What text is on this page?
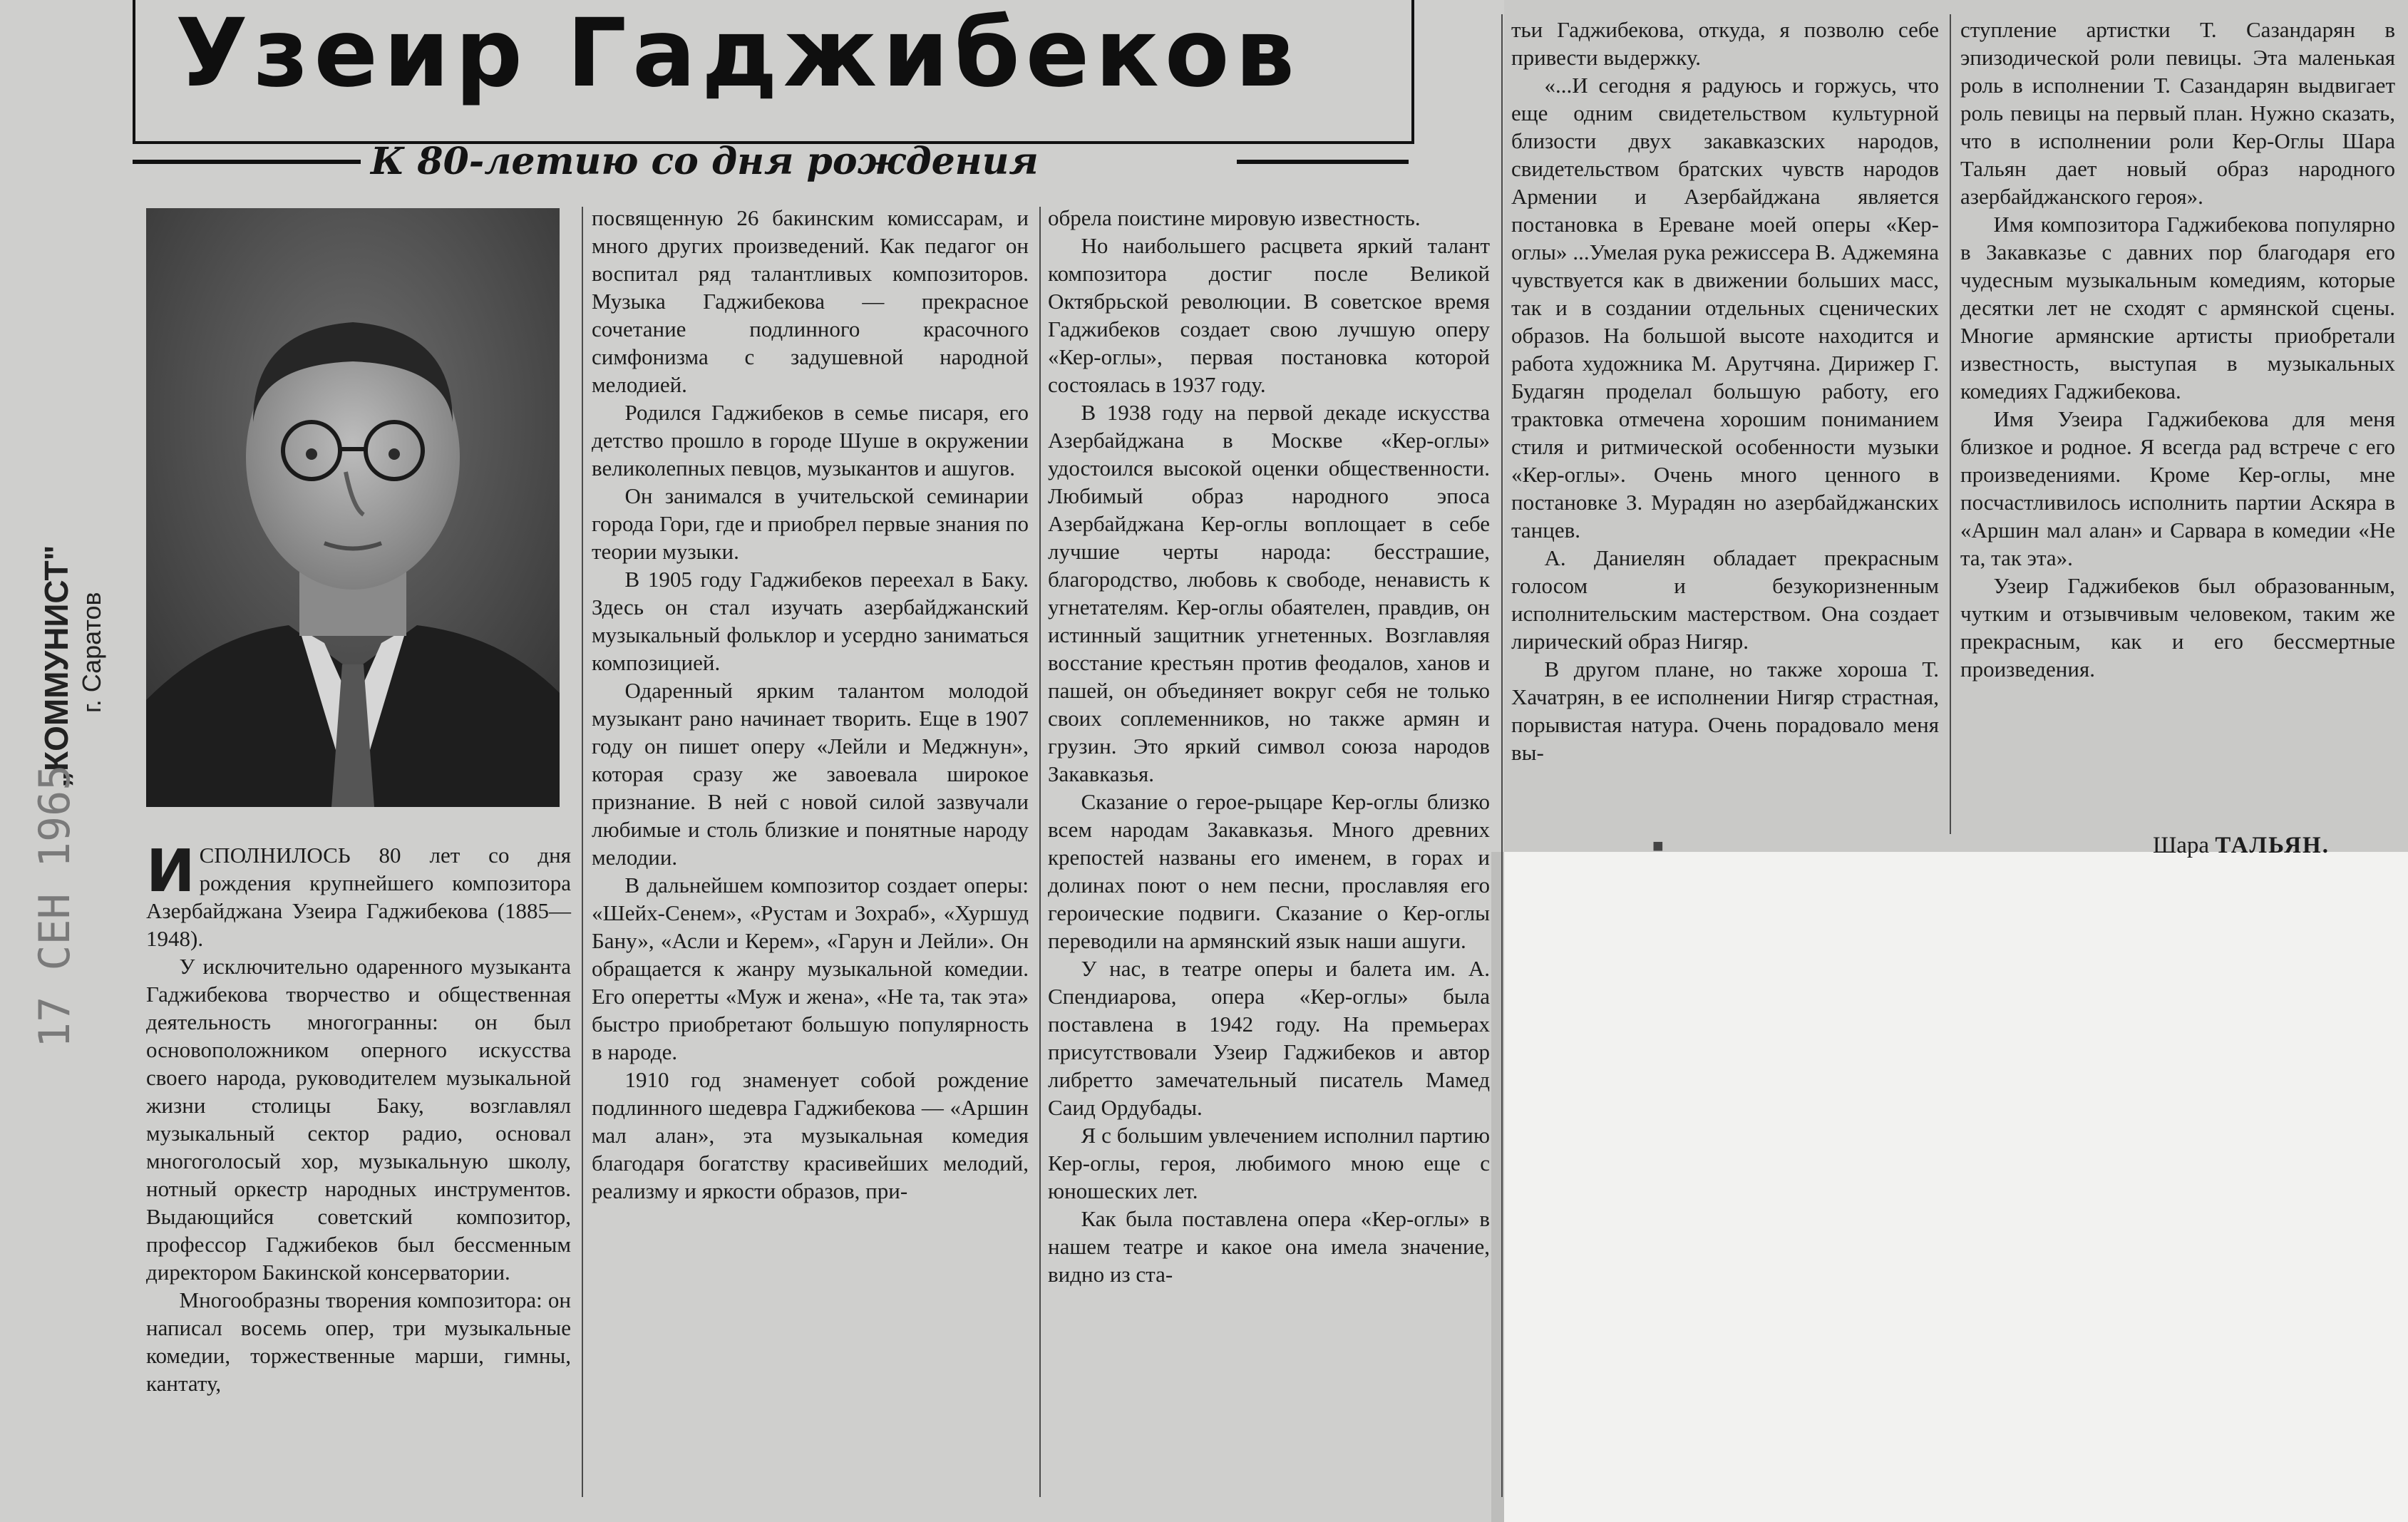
Узеир Гаджибеков
К 80-летию со дня рождения
„КОММУНИСТ" г. Саратов
17 СЕН 1965 ИСПОЛНИЛОСЬ 80 лет со дня рождения крупнейшего композитора Азербайджана Узеира Гаджибекова (1885—1948).

У исключительно одаренного музыканта Гаджибекова творчество и общественная деятельность многогранны: он был основоположником оперного искусства своего народа, руководителем музыкальной жизни столицы Баку, возглавлял музыкальный сектор радио, основал многоголосый хор, музыкальную школу, нотный оркестр народных инструментов. Выдающийся советский композитор, профессор Гаджибеков был бессменным директором Бакинской консерватории.

Многообразны творения композитора: он написал восемь опер, три музыкальные комедии, торжественные марши, гимны, кантату,

посвященную 26 бакинским комиссарам, и много других произведений. Как педагог он воспитал ряд талантливых композиторов. Музыка Гаджибекова — прекрасное сочетание подлинного красочного симфонизма с задушевной народной мелодией.

Родился Гаджибеков в семье писаря, его детство прошло в городе Шуше в окружении великолепных певцов, музыкантов и ашугов.

Он занимался в учительской семинарии города Гори, где и приобрел первые знания по теории музыки.

В 1905 году Гаджибеков переехал в Баку. Здесь он стал изучать азербайджанский музыкальный фольклор и усердно заниматься композицией.

Одаренный ярким талантом молодой музыкант рано начинает творить. Еще в 1907 году он пишет оперу «Лейли и Меджнун», которая сразу же завоевала широкое признание. В ней с новой силой зазвучали любимые и столь близкие и понятные народу мелодии.

В дальнейшем композитор создает оперы: «Шейх-Сенем», «Рустам и Зохраб», «Хуршуд Бану», «Асли и Керем», «Гарун и Лейли». Он обращается к жанру музыкальной комедии. Его оперетты «Муж и жена», «Не та, так эта» быстро приобретают большую популярность в народе.

1910 год знаменует собой рождение подлинного шедевра Гаджибекова — «Аршин мал алан», эта музыкальная комедия благодаря богатству красивейших мелодий, реализму и яркости образов, при-

обрела поистине мировую известность.

Но наибольшего расцвета яркий талант композитора достиг после Великой Октябрьской революции. В советское время Гаджибеков создает свою лучшую оперу «Кер-оглы», первая постановка которой состоялась в 1937 году.

В 1938 году на первой декаде искусства Азербайджана в Москве «Кер-оглы» удостоился высокой оценки общественности. Любимый образ народного эпоса Азербайджана Кер-оглы воплощает в себе лучшие черты народа: бесстрашие, благородство, любовь к свободе, ненависть к угнетателям. Кер-оглы обаятелен, правдив, он истинный защитник угнетенных. Возглавляя восстание крестьян против феодалов, ханов и пашей, он объединяет вокруг себя не только своих соплеменников, но также армян и грузин. Это яркий символ союза народов Закавказья.

Сказание о герое-рыцаре Кер-оглы близко всем народам Закавказья. Много древних крепостей названы его именем, в горах и долинах поют о нем песни, прославляя его героические подвиги. Сказание о Кер-оглы переводили на армянский язык наши ашуги.

У нас, в театре оперы и балета им. А. Спендиарова, опера «Кер-оглы» была поставлена в 1942 году. На премьерах присутствовали Узеир Гаджибеков и автор либретто замечательный писатель Мамед Саид Ордубады.

Я с большим увлечением исполнил партию Кер-оглы, героя, любимого мною еще с юношеских лет.

Как была поставлена опера «Кер-оглы» в нашем театре и какое она имела значение, видно из ста-

тьи Гаджибекова, откуда, я позволю себе привести выдержку.

«...И сегодня я радуюсь и горжусь, что еще одним свидетельством культурной близости двух закавказских народов, свидетельством братских чувств народов Армении и Азербайджана является постановка в Ереване моей оперы «Кер-оглы» ...Умелая рука режиссера В. Аджемяна чувствуется как в движении больших масс, так и в создании отдельных сценических образов. На большой высоте находится и работа художника М. Арутчяна. Дирижер Г. Будагян проделал большую работу, его трактовка отмечена хорошим пониманием стиля и ритмической особенности музыки «Кер-оглы». Очень много ценного в постановке З. Мурадян но азербайджанских танцев.

А. Даниелян обладает прекрасным голосом и безукоризненным исполнительским мастерством. Она создает лирический образ Нигяр.

В другом плане, но также хороша Т. Хачатрян, в ее исполнении Нигяр страстная, порывистая натура. Очень порадовало меня вы-

ступление артистки Т. Сазандарян в эпизодической роли певицы. Эта маленькая роль в исполнении Т. Сазандарян выдвигает роль певицы на первый план. Нужно сказать, что в исполнении роли Кер-Оглы Шара Тальян дает новый образ народного азербайджанского героя».

Имя композитора Гаджибекова популярно в Закавказье с давних пор благодаря его чудесным музыкальным комедиям, которые десятки лет не сходят с армянской сцены. Многие армянские артисты приобретали известность, выступая в музыкальных комедиях Гаджибекова.

Имя Узеира Гаджибекова для меня близкое и родное. Я всегда рад встрече с его произведениями. Кроме Кер-оглы, мне посчастливилось исполнить партии Аскяра в «Аршин мал алан» и Сарвара в комедии «Не та, так эта».

Узеир Гаджибеков был образованным, чутким и отзывчивым человеком, таким же прекрасным, как и его бессмертные произведения.

Шара ТАЛЬЯН.
■
